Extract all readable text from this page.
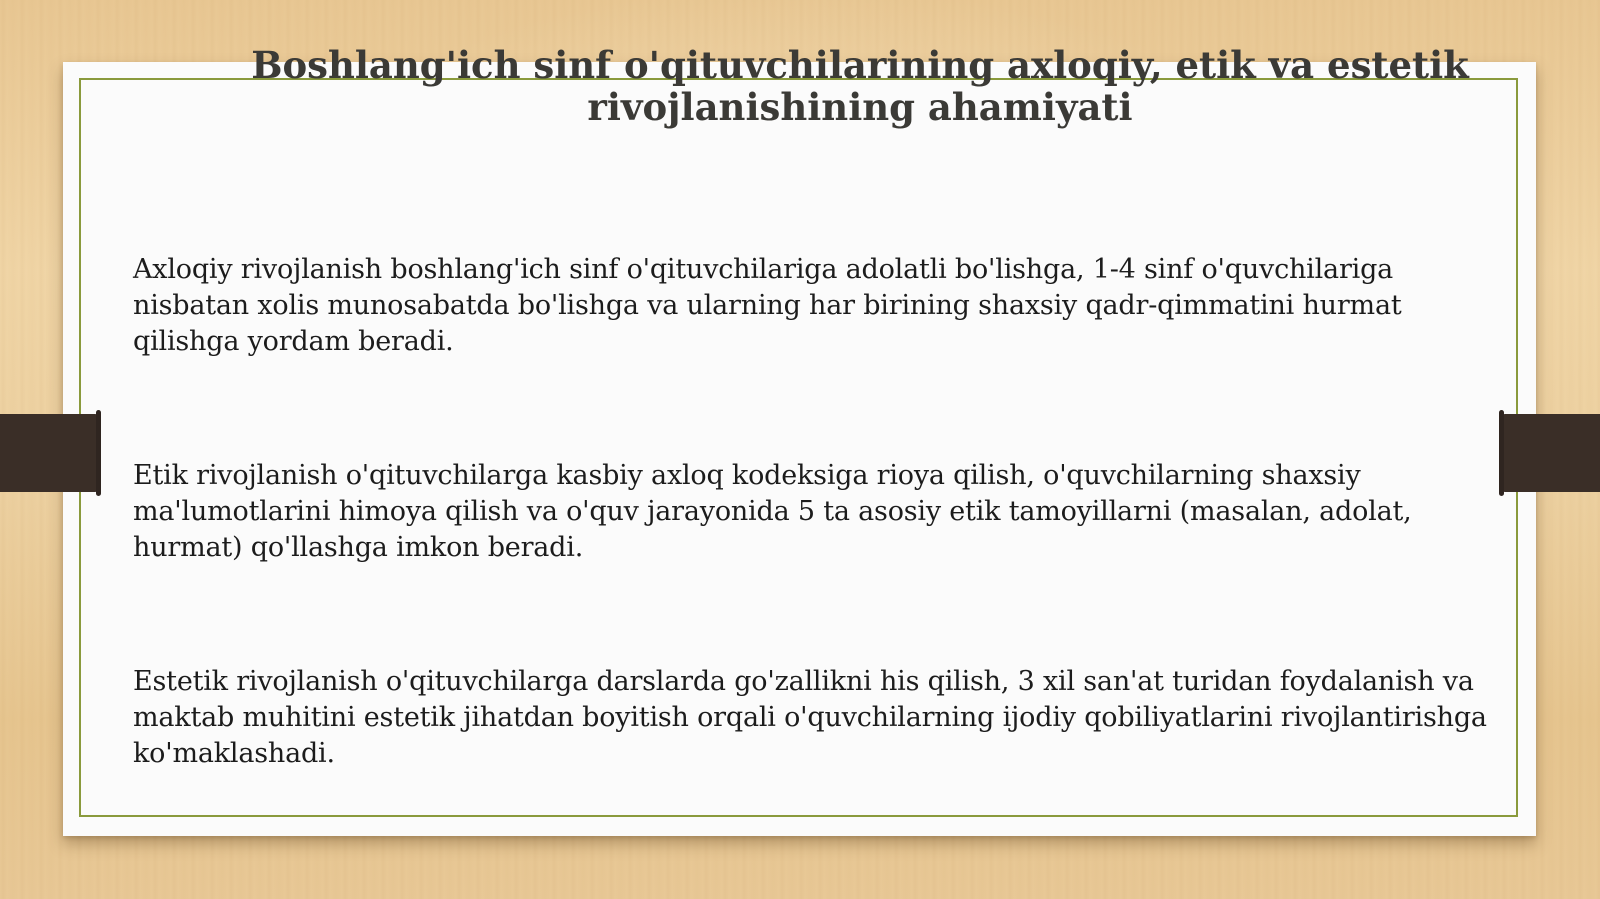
Boshlang'ich sinf o'qituvchilarining axloqiy, etik va estetik rivojlanishining ahamiyati
Axloqiy rivojlanish boshlang'ich sinf o'qituvchilariga adolatli bo'lishga, 1-4 sinf o'quvchilariga nisbatan xolis munosabatda bo'lishga va ularning har birining shaxsiy qadr-qimmatini hurmat qilishga yordam beradi.
Etik rivojlanish o'qituvchilarga kasbiy axloq kodeksiga rioya qilish, o'quvchilarning shaxsiy ma'lumotlarini himoya qilish va o'quv jarayonida 5 ta asosiy etik tamoyillarni (masalan, adolat, hurmat) qo'llashga imkon beradi.
Estetik rivojlanish o'qituvchilarga darslarda go'zallikni his qilish, 3 xil san'at turidan foydalanish va maktab muhitini estetik jihatdan boyitish orqali o'quvchilarning ijodiy qobiliyatlarini rivojlantirishga ko'maklashadi.
